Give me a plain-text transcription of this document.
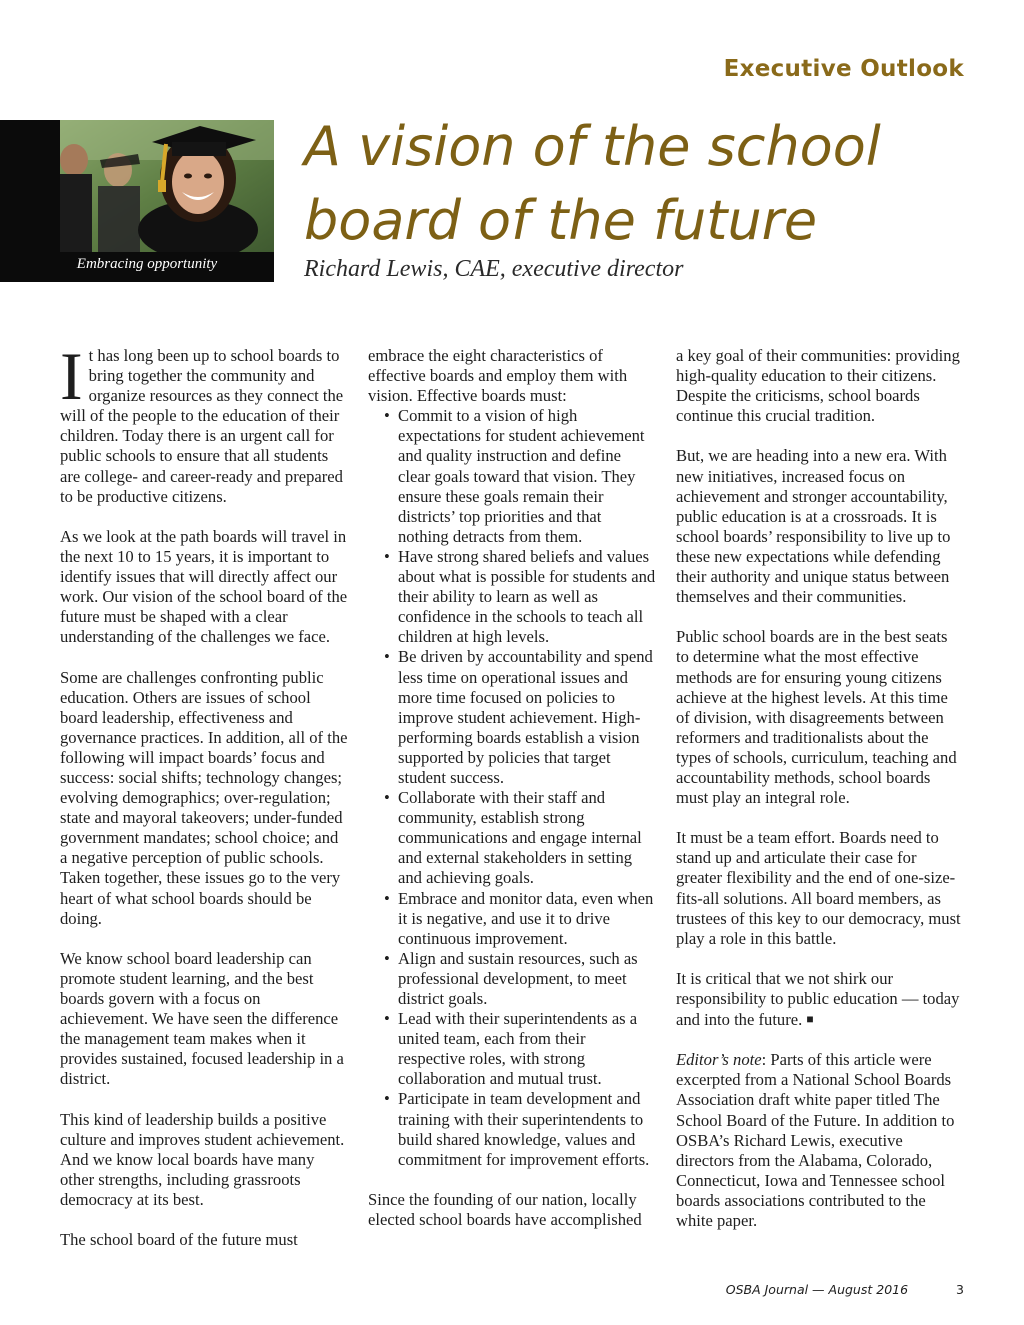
Executive Outlook
Embracing opportunity
A vision of the school board of the future
Richard Lewis, CAE, executive director

It has long been up to school boards to bring together the community and organize resources as they connect the will of the people to the education of their children. Today there is an urgent call for public schools to ensure that all students are college- and career-ready and prepared to be productive citizens.

As we look at the path boards will travel in the next 10 to 15 years, it is important to identify issues that will directly affect our work. Our vision of the school board of the future must be shaped with a clear understanding of the challenges we face.

Some are challenges confronting public education. Others are issues of school board leadership, effectiveness and governance practices. In addition, all of the following will impact boards’ focus and success: social shifts; technology changes; evolving demographics; over-regulation; state and mayoral takeovers; under-funded government mandates; school choice; and a negative perception of public schools. Taken together, these issues go to the very heart of what school boards should be doing.

We know school board leadership can promote student learning, and the best boards govern with a focus on achievement. We have seen the difference the management team makes when it provides sustained, focused leadership in a district.

This kind of leadership builds a positive culture and improves student achievement. And we know local boards have many other strengths, including grassroots democracy at its best.

The school board of the future must

embrace the eight characteristics of effective boards and employ them with vision. Effective boards must:

• Commit to a vision of high expectations for student achievement and quality instruction and define clear goals toward that vision. They ensure these goals remain their districts’ top priorities and that nothing detracts from them.
• Have strong shared beliefs and values about what is possible for students and their ability to learn as well as confidence in the schools to teach all children at high levels.
• Be driven by accountability and spend less time on operational issues and more time focused on policies to improve student achievement. High-performing boards establish a vision supported by policies that target student success.
• Collaborate with their staff and community, establish strong communications and engage internal and external stakeholders in setting and achieving goals.
• Embrace and monitor data, even when it is negative, and use it to drive continuous improvement.
• Align and sustain resources, such as professional development, to meet district goals.
• Lead with their superintendents as a united team, each from their respective roles, with strong collaboration and mutual trust.
• Participate in team development and training with their superintendents to build shared knowledge, values and commitment for improvement efforts.

Since the founding of our nation, locally elected school boards have accomplished

a key goal of their communities: providing high-quality education to their citizens. Despite the criticisms, school boards continue this crucial tradition.

But, we are heading into a new era. With new initiatives, increased focus on achievement and stronger accountability, public education is at a crossroads. It is school boards’ responsibility to live up to these new expectations while defending their authority and unique status between themselves and their communities.

Public school boards are in the best seats to determine what the most effective methods are for ensuring young citizens achieve at the highest levels. At this time of division, with disagreements between reformers and traditionalists about the types of schools, curriculum, teaching and accountability methods, school boards must play an integral role.

It must be a team effort. Boards need to stand up and articulate their case for greater flexibility and the end of one-size-fits-all solutions. All board members, as trustees of this key to our democracy, must play a role in this battle.

It is critical that we not shirk our responsibility to public education — today and into the future. ■

Editor’s note: Parts of this article were excerpted from a National School Boards Association draft white paper titled The School Board of the Future. In addition to OSBA’s Richard Lewis, executive directors from the Alabama, Colorado, Connecticut, Iowa and Tennessee school boards associations contributed to the white paper.

OSBA Journal — August 2016	3
